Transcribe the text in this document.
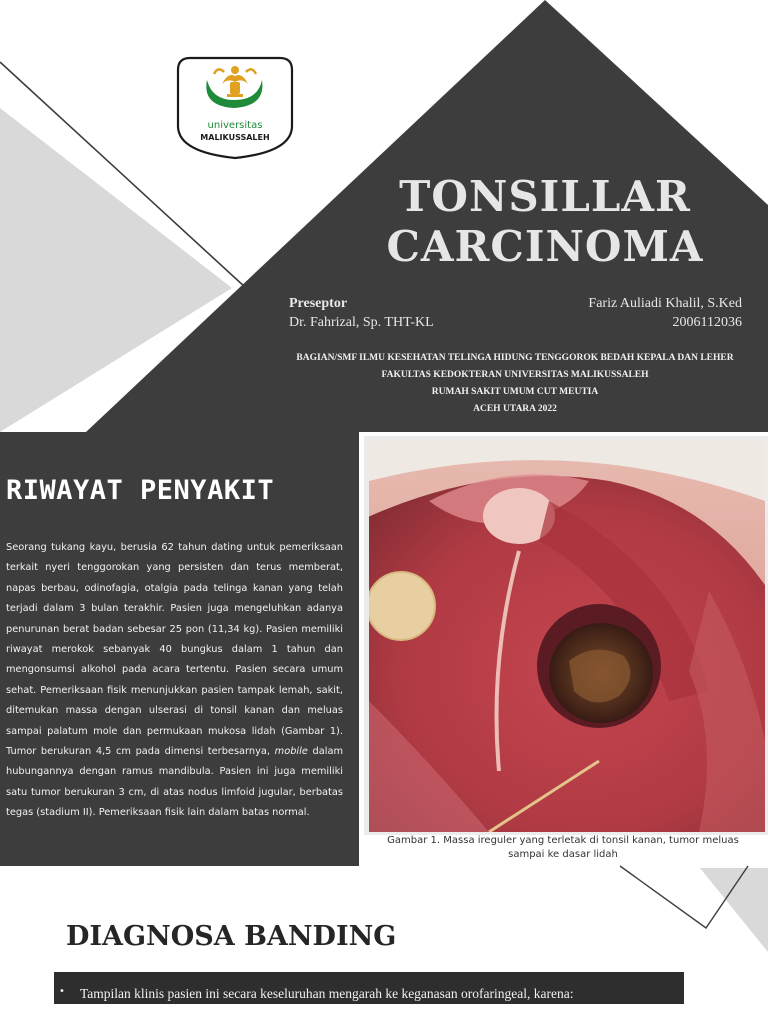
universitas
MALIKUSSALEH
TONSILLAR
CARCINOMA
Preseptor
Dr. Fahrizal, Sp. THT-KL
Fariz Auliadi Khalil, S.Ked
2006112036
BAGIAN/SMF ILMU KESEHATAN TELINGA HIDUNG TENGGOROK BEDAH KEPALA DAN LEHER
FAKULTAS KEDOKTERAN UNIVERSITAS MALIKUSSALEH
RUMAH SAKIT UMUM CUT MEUTIA
ACEH UTARA 2022
RIWAYAT PENYAKIT
Seorang tukang kayu, berusia 62 tahun dating untuk pemeriksaan terkait nyeri tenggorokan yang persisten dan terus memberat, napas berbau, odinofagia, otalgia pada telinga kanan yang telah terjadi dalam 3 bulan terakhir. Pasien juga mengeluhkan adanya penurunan berat badan sebesar 25 pon (11,34 kg). Pasien memiliki riwayat merokok sebanyak 40 bungkus dalam 1 tahun dan mengonsumsi alkohol pada acara tertentu. Pasien secara umum sehat. Pemeriksaan fisik menunjukkan pasien tampak lemah, sakit, ditemukan massa dengan ulserasi di tonsil kanan dan meluas sampai palatum mole dan permukaan mukosa lidah (Gambar 1). Tumor berukuran 4,5 cm pada dimensi terbesarnya, mobile dalam hubungannya dengan ramus mandibula. Pasien ini juga memiliki satu tumor berukuran 3 cm, di atas nodus limfoid jugular, berbatas tegas (stadium II). Pemeriksaan fisik lain dalam batas normal.
Gambar 1. Massa ireguler yang terletak di tonsil kanan, tumor meluas sampai ke dasar lidah
DIAGNOSA BANDING
• Tampilan klinis pasien ini secara keseluruhan mengarah ke keganasan orofaringeal, karena:
